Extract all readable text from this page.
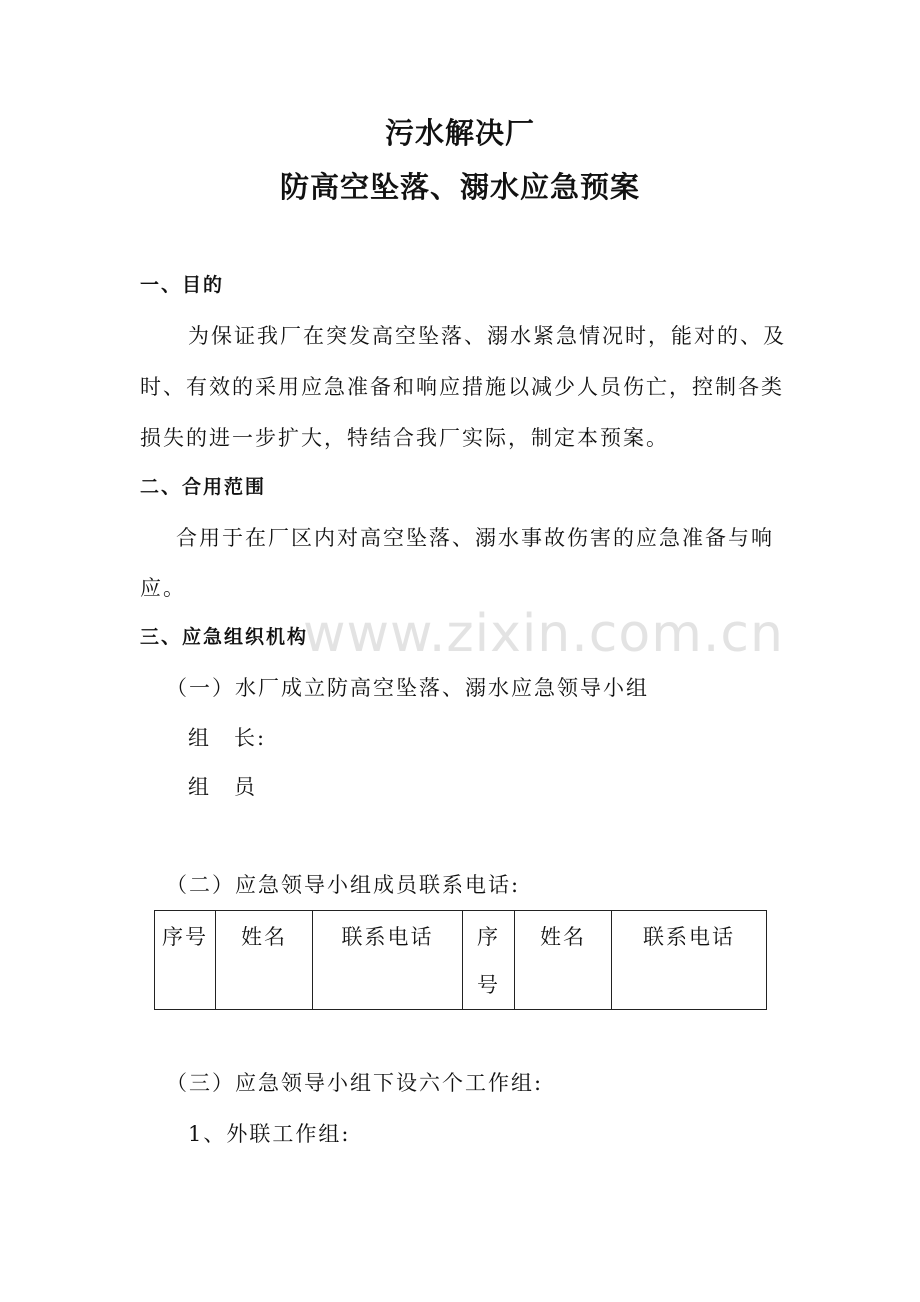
污水解决厂
防高空坠落、溺水应急预案
一、目的
为保证我厂在突发高空坠落、溺水紧急情况时，能对的、及
时、有效的采用应急准备和响应措施以减少人员伤亡，控制各类
损失的进一步扩大，特结合我厂实际，制定本预案。
二、合用范围
合用于在厂区内对高空坠落、溺水事故伤害的应急准备与响
应。
www.zixin.com.cn
三、应急组织机构
（一）水厂成立防高空坠落、溺水应急领导小组
组　长:
组　员
（二）应急领导小组成员联系电话:
序号	姓名	联系电话	序号	姓名	联系电话
（三）应急领导小组下设六个工作组:
1、外联工作组:
